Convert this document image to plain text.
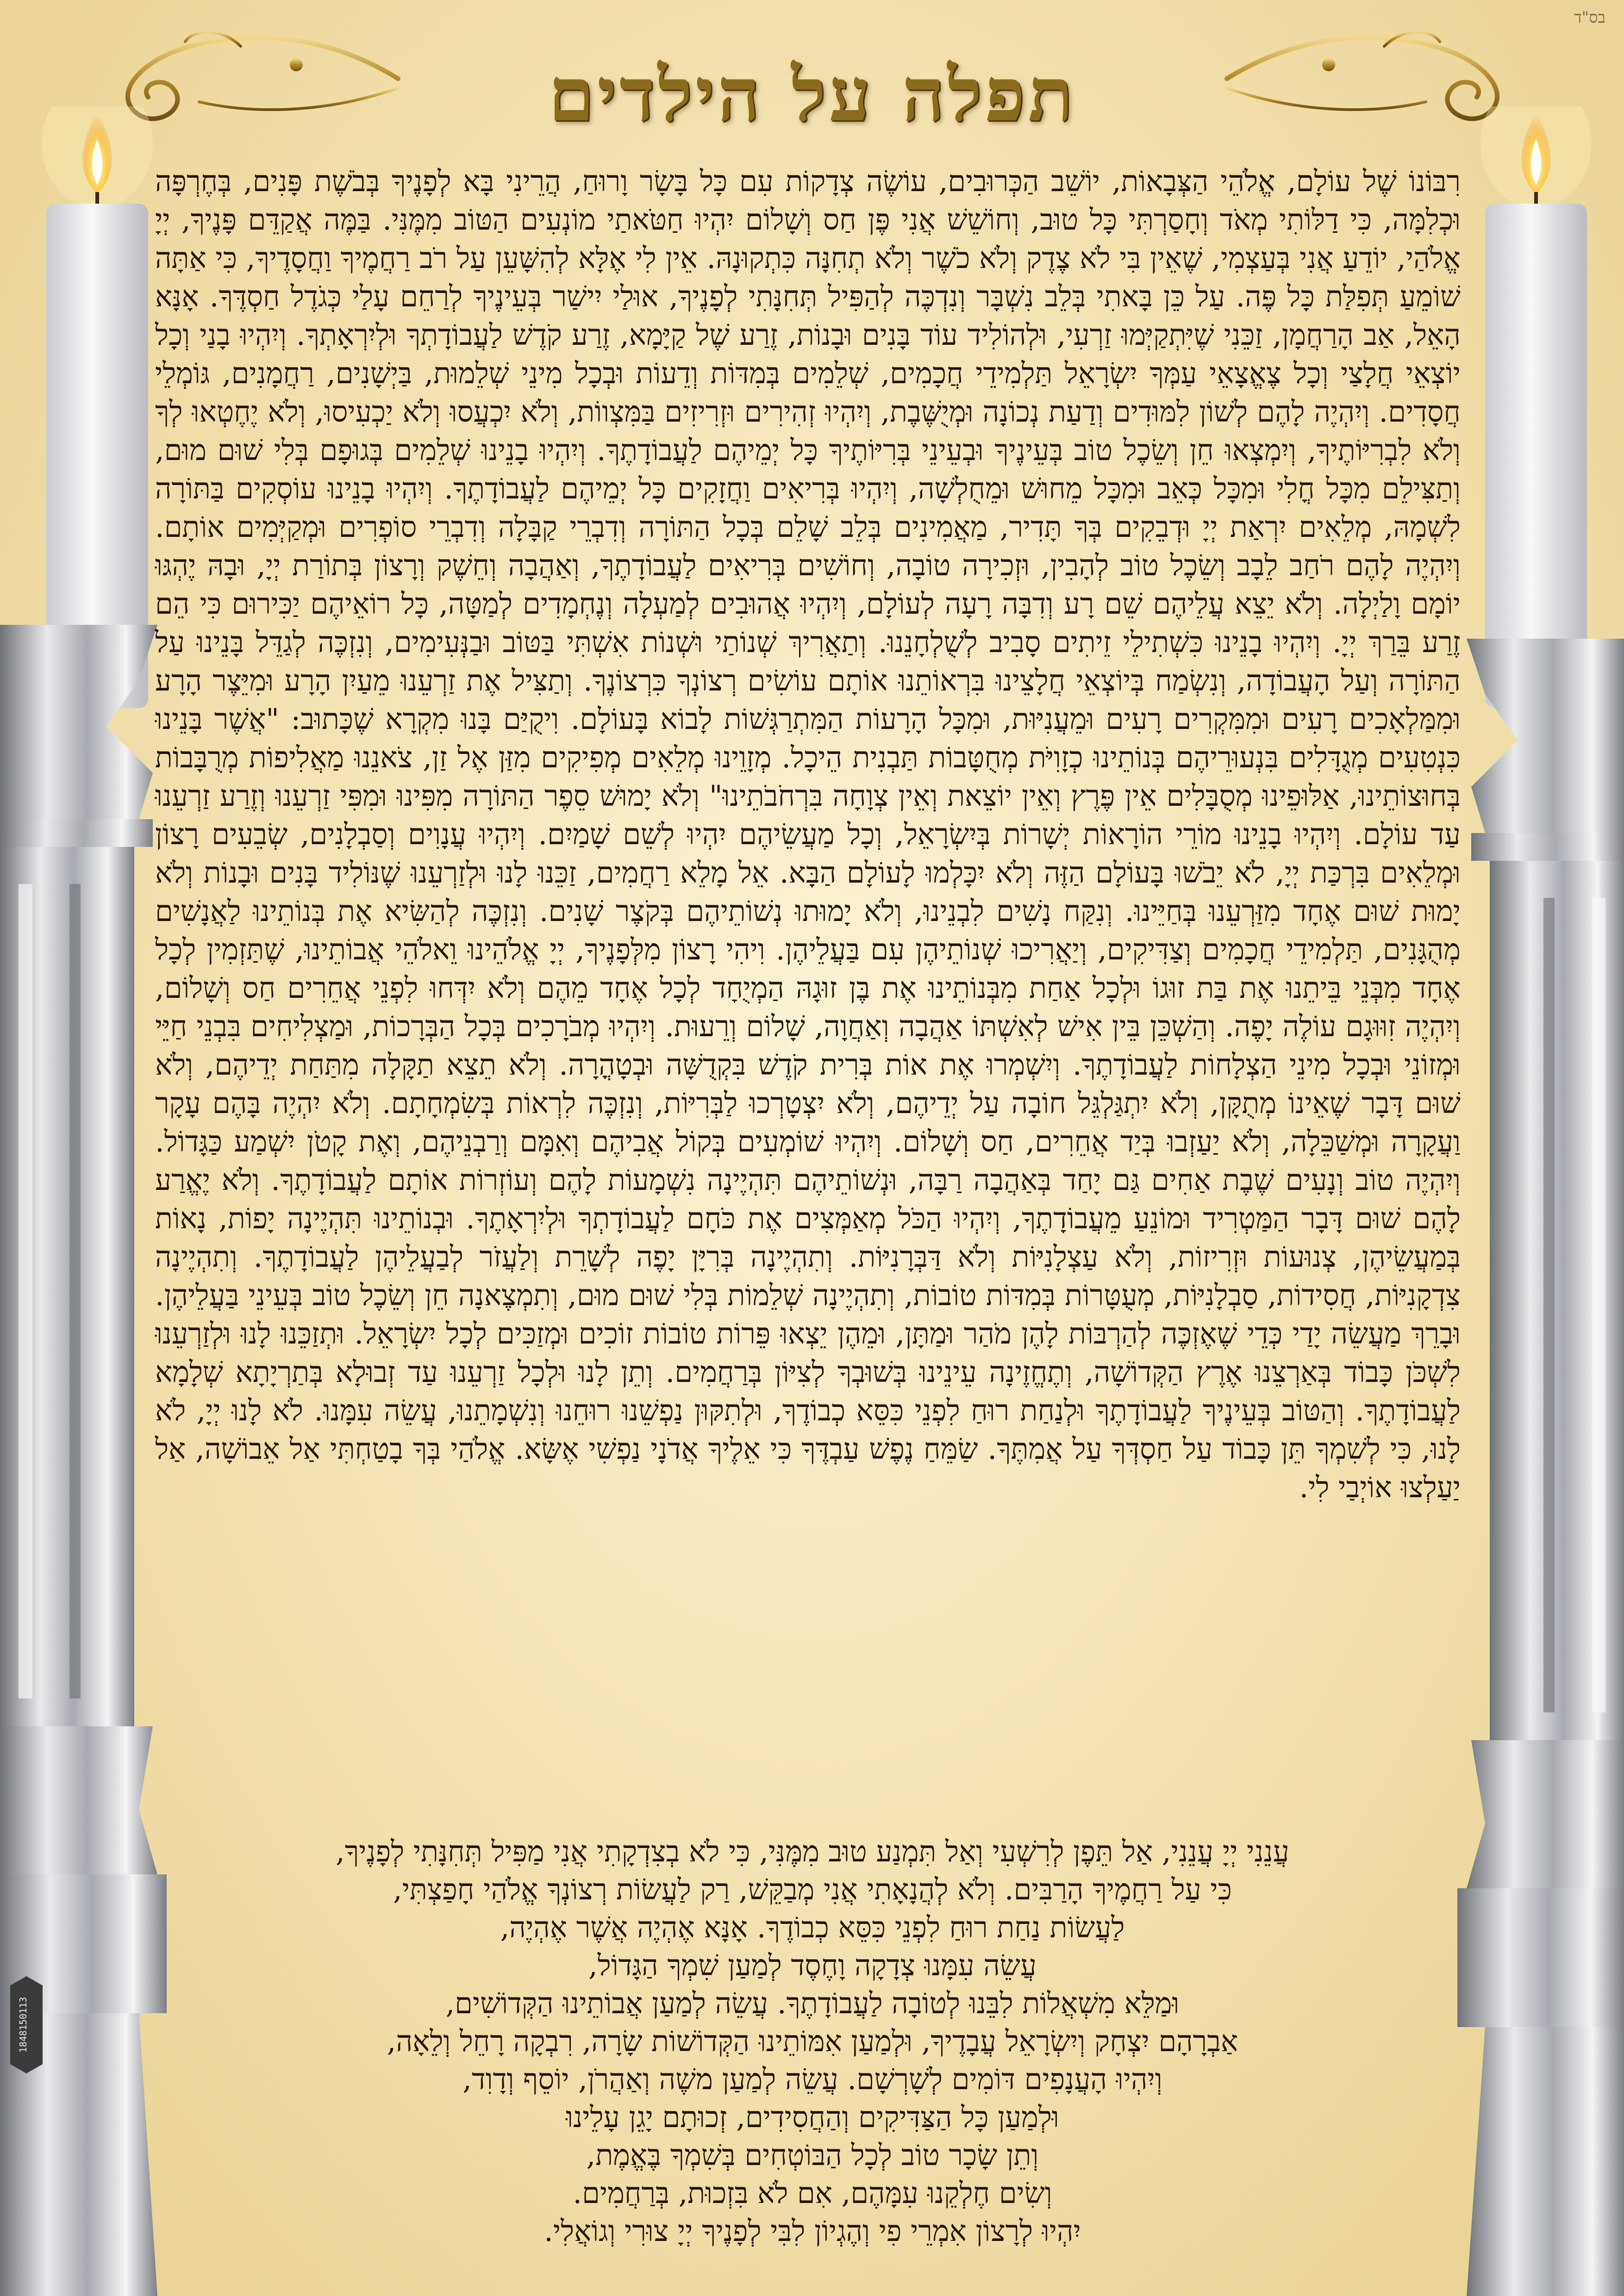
בס"ד
תפלה על הילדים
רִבּוֹנוֹ שֶׁל עוֹלָם, אֱלֹהֵי הַצְּבָאוֹת, יוֹשֵׁב הַכְּרוּבִים, עוֹשֶׂה צְדָקוֹת עִם כָּל בָּשָׂר וָרוּחַ, הֲרֵינִי בָּא לְפָנֶיךָ בְּבֹשֶׁת פָּנִים, בְּחֶרְפָּה וּכְלִמָּה, כִּי דַלּוֹתִי מְאֹד וְחָסַרְתִּי כָּל טוּב, וְחוֹשֵׁשׁ אֲנִי פֶּן חַס וְשָׁלוֹם יִהְיוּ חַטֹּאתַי מוֹנְעִים הַטּוֹב מִמֶּנִּי. בַּמֶּה אֲקַדֵּם פָּנֶיךָ, יְיָ אֱלֹהַי, יוֹדֵעַ אֲנִי בְּעַצְמִי, שֶׁאֵין בִּי לֹא צֶדֶק וְלֹא כֹשֶׁר וְלֹא תְחִנָּה כִּתְקוּנָהּ. אֵין לִי אֶלָּא לְהִשָּׁעֵן עַל רֹב רַחֲמֶיךָ וַחֲסָדֶיךָ, כִּי אַתָּה שׁוֹמֵעַ תְּפִלַּת כָּל פֶּה. עַל כֵּן בָּאתִי בְּלֵב נִשְׁבָּר וְנִדְכֶּה לְהַפִּיל תְּחִנָּתִי לְפָנֶיךָ, אוּלַי יִישַׁר בְּעֵינֶיךָ לְרַחֵם עָלַי כְּגֹדֶל חַסְדֶּךָ. אָנָּא הָאֵל, אַב הָרַחֲמָן, זַכֵּנִי שֶׁיִּתְקַיְּמוּ זַרְעִי, וּלְהוֹלִיד עוֹד בָּנִים וּבָנוֹת, זֶרַע שֶׁל קַיָּמָא, זֶרַע קֹדֶשׁ לַעֲבוֹדָתְךָ וּלְיִרְאָתְךָ. וְיִהְיוּ בָנַי וְכָל יוֹצְאֵי חֲלָצַי וְכָל צֶאֱצָאֵי עַמְּךָ יִשְׂרָאֵל תַּלְמִידֵי חֲכָמִים, שְׁלֵמִים בְּמִדּוֹת וְדֵעוֹת וּבְכָל מִינֵי שְׁלֵמוּת, בַּיְשָׁנִים, רַחֲמָנִים, גּוֹמְלֵי חֲסָדִים. וְיִהְיֶה לָהֶם לְשׁוֹן לִמּוּדִים וְדַעַת נְכוֹנָה וּמְיֻשֶּׁבֶת, וְיִהְיוּ זְהִירִים וּזְרִיזִים בַּמִּצְווֹת, וְלֹא יִכְעֲסוּ וְלֹא יַכְעִיסוּ, וְלֹא יֶחֶטְאוּ לְךָ וְלֹא לִבְרִיּוֹתֶיךָ, וְיִמְצְאוּ חֵן וְשֵׂכֶל טוֹב בְּעֵינֶיךָ וּבְעֵינֵי בְּרִיּוֹתֶיךָ כָּל יְמֵיהֶם לַעֲבוֹדָתֶךָ. וְיִהְיוּ בָנֵינוּ שְׁלֵמִים בְּגוּפָם בְּלִי שׁוּם מוּם, וְתַצִּילֵם מִכָּל חֳלִי וּמִכָּל כְּאֵב וּמִכָּל מֵחוּשׁ וּמֵחֻלְשָׁה, וְיִהְיוּ בְּרִיאִים וַחֲזָקִים כָּל יְמֵיהֶם לַעֲבוֹדָתֶךָ. וְיִהְיוּ בָנֵינוּ עוֹסְקִים בַּתּוֹרָה לִשְׁמָהּ, מְלֵאִים יִרְאַת יְיָ וּדְבֵקִים בְּךָ תָּדִיר, מַאֲמִינִים בְּלֵב שָׁלֵם בְּכָל הַתּוֹרָה וְדִבְרֵי קַבָּלָה וְדִבְרֵי סוֹפְרִים וּמְקַיְּמִים אוֹתָם. וְיִהְיֶה לָהֶם רֹחַב לֵבָב וְשֵׂכֶל טוֹב לְהָבִין, וּזְכִירָה טוֹבָה, וְחוֹשִׁים בְּרִיאִים לַעֲבוֹדָתֶךָ, וְאַהֲבָה וְחֵשֶׁק וְרָצוֹן בְּתוֹרַת יְיָ, וּבָהּ יֶהְגּוּ יוֹמָם וָלַיְלָה. וְלֹא יֵצֵא עֲלֵיהֶם שֵׁם רָע וְדִבָּה רָעָה לְעוֹלָם, וְיִהְיוּ אֲהוּבִים לְמַעְלָה וְנֶחְמָדִים לְמַטָּה, כָּל רוֹאֵיהֶם יַכִּירוּם כִּי הֵם זֶרַע בֵּרַךְ יְיָ. וְיִהְיוּ בָנֵינוּ כִּשְׁתִילֵי זֵיתִים סָבִיב לְשֻׁלְחָנֵנוּ. וְתַאֲרִיךְ שְׁנוֹתַי וּשְׁנוֹת אִשְׁתִּי בַּטּוֹב וּבַנְּעִימִים, וְנִזְכֶּה לְגַדֵּל בָּנֵינוּ עַל הַתּוֹרָה וְעַל הָעֲבוֹדָה, וְנִשְׂמַח בְּיוֹצְאֵי חֲלָצֵינוּ בִּרְאוֹתֵנוּ אוֹתָם עוֹשִׂים רְצוֹנְךָ כִּרְצוֹנֶךָ. וְתַצִּיל אֶת זַרְעֵנוּ מֵעַיִן הָרָע וּמִיֵּצֶר הָרָע וּמִמַּלְאָכִים רָעִים וּמִמִּקְרִים רָעִים וּמֵעֲנִיּוּת, וּמִכָּל הָרָעוֹת הַמִּתְרַגְּשׁוֹת לָבוֹא בָּעוֹלָם. וִיקֻיַּם בָּנוּ מִקְרָא שֶׁכָּתוּב: "אֲשֶׁר בָּנֵינוּ כִּנְטִעִים מְגֻדָּלִים בִּנְעוּרֵיהֶם בְּנוֹתֵינוּ כְזָוִיֹּת מְחֻטָּבוֹת תַּבְנִית הֵיכָל. מְזָוֵינוּ מְלֵאִים מְפִיקִים מִזַּן אֶל זַן, צֹאנֵנוּ מַאֲלִיפוֹת מְרֻבָּבוֹת בְּחוּצוֹתֵינוּ, אַלּוּפֵינוּ מְסֻבָּלִים אֵין פֶּרֶץ וְאֵין יוֹצֵאת וְאֵין צְוָחָה בִּרְחֹבֹתֵינוּ" וְלֹא יָמוּשׁ סֵפֶר הַתּוֹרָה מִפִּינוּ וּמִפִּי זַרְעֵנוּ וְזֶרַע זַרְעֵנוּ עַד עוֹלָם. וְיִהְיוּ בָנֵינוּ מוֹרֵי הוֹרָאוֹת יְשָׁרוֹת בְּיִשְׂרָאֵל, וְכָל מַעֲשֵׂיהֶם יִהְיוּ לְשֵׁם שָׁמַיִם. וְיִהְיוּ עֲנָוִים וְסַבְלָנִים, שְׂבֵעִים רָצוֹן וּמְלֵאִים בִּרְכַּת יְיָ, לֹא יֵבֹשׁוּ בָּעוֹלָם הַזֶּה וְלֹא יִכָּלְמוּ לָעוֹלָם הַבָּא. אֵל מָלֵא רַחֲמִים, זַכֵּנוּ לָנוּ וּלְזַרְעֵנוּ שֶׁנּוֹלִיד בָּנִים וּבָנוֹת וְלֹא יָמוּת שׁוּם אֶחָד מִזַּרְעֵנוּ בְּחַיֵּינוּ. וְנִקַּח נָשִׁים לִבְנֵינוּ, וְלֹא יָמוּתוּ נְשׁוֹתֵיהֶם בְּקֹצֶר שָׁנִים. וְנִזְכֶּה לְהַשִּׂיא אֶת בְּנוֹתֵינוּ לַאֲנָשִׁים מְהֻגָּנִים, תַּלְמִידֵי חֲכָמִים וְצַדִּיקִים, וְיַאֲרִיכוּ שְׁנוֹתֵיהֶן עִם בַּעֲלֵיהֶן. וִיהִי רָצוֹן מִלְּפָנֶיךָ, יְיָ אֱלֹהֵינוּ וֵאלֹהֵי אֲבוֹתֵינוּ, שֶׁתַּזְמִין לְכָל אֶחָד מִבְּנֵי בֵּיתֵנוּ אֶת בַּת זוּגוֹ וּלְכָל אַחַת מִבְּנוֹתֵינוּ אֶת בֶּן זוּגָהּ הַמְיֻחָד לְכָל אֶחָד מֵהֶם וְלֹא יִדְּחוּ לִפְנֵי אֲחֵרִים חַס וְשָׁלוֹם, וְיִהְיֶה זִוּוּגָם עוֹלֶה יָפֶה. וְהַשְׁכֵּן בֵּין אִישׁ לְאִשְׁתּוֹ אַהֲבָה וְאַחֲוָה, שָׁלוֹם וְרֵעוּת. וְיִהְיוּ מְבֹרָכִים בְּכָל הַבְּרָכוֹת, וּמַצְלִיחִים בִּבְנֵי חַיֵּי וּמְזוֹנֵי וּבְכָל מִינֵי הַצְלָחוֹת לַעֲבוֹדָתֶךָ. וְיִשְׁמְרוּ אֶת אוֹת בְּרִית קֹדֶשׁ בִּקְדֻשָּׁה וּבְטָהֳרָה. וְלֹא תֵצֵא תַקָּלָה מִתַּחַת יְדֵיהֶם, וְלֹא שׁוּם דָּבָר שֶׁאֵינוֹ מְתֻקָּן, וְלֹא יִתְגַּלְגֵּל חוֹבָה עַל יְדֵיהֶם, וְלֹא יִצְטָרְכוּ לַבְּרִיּוֹת, וְנִזְכֶּה לִרְאוֹת בְּשִׂמְחָתָם. וְלֹא יִהְיֶה בָּהֶם עָקָר וַעֲקָרָה וּמְשַׁכֵּלָה, וְלֹא יַעַזְבוּ בְּיַד אֲחֵרִים, חַס וְשָׁלוֹם. וְיִהְיוּ שׁוֹמְעִים בְּקוֹל אֲבִיהֶם וְאִמָּם וְרַבְנֵיהֶם, וְאֶת קָטֹן יִשְׁמַע כַּגָּדוֹל. וְיִהְיֶה טוֹב וְנָעִים שֶׁבֶת אַחִים גַּם יָחַד בְּאַהֲבָה רַבָּה, וּנְשׁוֹתֵיהֶם תִּהְיֶינָה נִשְׁמָעוֹת לָהֶם וְעוֹזְרוֹת אוֹתָם לַעֲבוֹדָתֶךָ. וְלֹא יֶאֱרַע לָהֶם שׁוּם דָּבָר הַמַּטְרִיד וּמוֹנֵעַ מֵעֲבוֹדָתֶךָ, וְיִהְיוּ הַכֹּל מְאַמְּצִים אֶת כֹּחָם לַעֲבוֹדָתְךָ וּלְיִרְאָתֶךָ. וּבְנוֹתֵינוּ תִּהְיֶינָה יָפוֹת, נָאוֹת בְּמַעֲשֵׂיהֶן, צְנוּעוֹת וּזְרִיזוֹת, וְלֹא עַצְלָנִיּוֹת וְלֹא דַּבְּרָנִיּוֹת. וְתִהְיֶינָה בְּרִיָּן יָפֶה לְשָׁרֵת וְלַעֲזֹר לְבַעֲלֵיהֶן לַעֲבוֹדָתֶךָ. וְתִהְיֶינָה צִדְקָנִיּוֹת, חֲסִידוֹת, סַבְלָנִיּוֹת, מְעֻטָּרוֹת בְּמִדּוֹת טוֹבוֹת, וְתִהְיֶינָה שְׁלֵמוֹת בְּלִי שׁוּם מוּם, וְתִמְצֶאנָה חֵן וְשֵׂכֶל טוֹב בְּעֵינֵי בַּעֲלֵיהֶן. וּבָרֵךְ מַעֲשֵׂה יָדַי כְּדֵי שֶׁאֶזְכֶּה לְהַרְבּוֹת לָהֶן מֹהַר וּמַתָּן, וּמֵהֶן יֵצְאוּ פֵּרוֹת טוֹבוֹת זוֹכִים וּמְזַכִּים לְכָל יִשְׂרָאֵל. וּתְזַכֵּנוּ לָנוּ וּלְזַרְעֵנוּ לִשְׁכֹּן כָּבוֹד בְּאַרְצֵנוּ אֶרֶץ הַקְּדוֹשָׁה, וְתֶחֱזֶינָה עֵינֵינוּ בְּשׁוּבְךָ לְצִיּוֹן בְּרַחֲמִים. וְתֵן לָנוּ וּלְכָל זַרְעֵנוּ עַד זְבוּלָא בְּתַרְיָתָא שְׁלָמָא לַעֲבוֹדָתֶךָ. וְהַטּוֹב בְּעֵינֶיךָ לַעֲבוֹדָתֶךָ וּלְנַחַת רוּחַ לִפְנֵי כִּסֵּא כְבוֹדֶךָ, וּלְתִקּוּן נַפְשֵׁנוּ רוּחֵנוּ וְנִשְׁמָתֵנוּ, עֲשֵׂה עִמָּנוּ. לֹא לָנוּ יְיָ, לֹא לָנוּ, כִּי לְשִׁמְךָ תֵּן כָּבוֹד עַל חַסְדְּךָ עַל אֲמִתֶּךָ. שַׂמֵּחַ נֶפֶשׁ עַבְדֶּךָ כִּי אֵלֶיךָ אֲדֹנָי נַפְשִׁי אֶשָּׂא. אֱלֹהַי בְּךָ בָטַחְתִּי אַל אֵבוֹשָׁה, אַל יַעַלְצוּ אוֹיְבַי לִי.
עֲנֵנִי יְיָ עֲנֵנִי, אַל תֵּפֶן לְרִשְׁעִי וְאַל תִּמְנַע טוּב מִמֶּנִּי, כִּי לֹא בְצִדְקָתִי אֲנִי מַפִּיל תְּחִנָּתִי לְפָנֶיךָ,
כִּי עַל רַחֲמֶיךָ הָרַבִּים. וְלֹא לְהֲנָאָתִי אֲנִי מְבַקֵּשׁ, רַק לַעֲשׂוֹת רְצוֹנְךָ אֱלֹהַי חָפַצְתִּי,
לַעֲשׂוֹת נַחַת רוּחַ לִפְנֵי כִּסֵּא כְבוֹדֶךָ. אָנָּא אֶהְיֶה אֲשֶׁר אֶהְיֶה,
עֲשֵׂה עִמָּנוּ צְדָקָה וָחֶסֶד לְמַעַן שִׁמְךָ הַגָּדוֹל,
וּמַלֵּא מִשְׁאֲלוֹת לִבֵּנוּ לְטוֹבָה לַעֲבוֹדָתֶךָ. עֲשֵׂה לְמַעַן אֲבוֹתֵינוּ הַקְּדוֹשִׁים,
אַבְרָהָם יִצְחָק וְיִשְׂרָאֵל עֲבָדֶיךָ, וּלְמַעַן אִמּוֹתֵינוּ הַקְּדוֹשׁוֹת שָׂרָה, רִבְקָה רָחֵל וְלֵאָה,
וְיִהְיוּ הָעֲנָפִים דּוֹמִים לְשָׁרְשָׁם. עֲשֵׂה לְמַעַן משֶׁה וְאַהֲרֹן, יוֹסֵף וְדָוִד,
וּלְמַעַן כָּל הַצַּדִּיקִים וְהַחֲסִידִים, זְכוּתָם יָגֵן עָלֵינוּ
וְתֵן שָׂכָר טוֹב לְכָל הַבּוֹטְחִים בְּשִׁמְךָ בֶּאֱמֶת,
וְשִׂים חֶלְקֵנוּ עִמָּהֶם, אִם לֹא בִּזְכוּת, בְּרַחֲמִים.
יִהְיוּ לְרָצוֹן אִמְרֵי פִי וְהֶגְיוֹן לִבִּי לְפָנֶיךָ יְיָ צוּרִי וְגוֹאֲלִי.
1848150113
